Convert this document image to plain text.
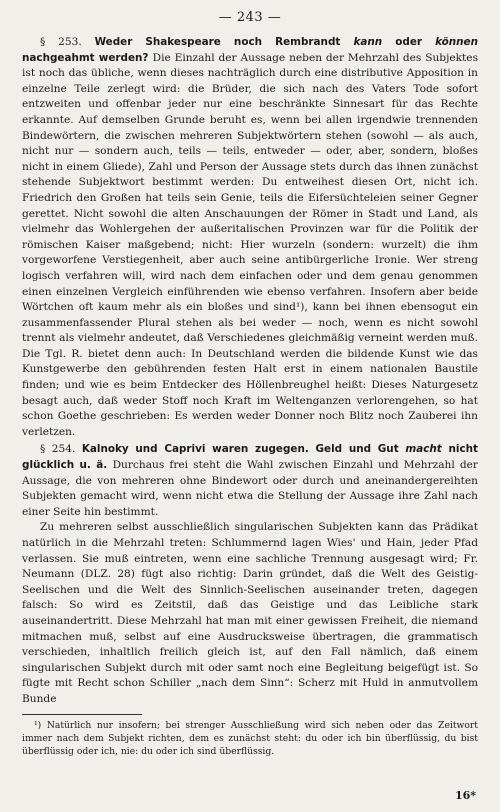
— 243 —

§ 253. Weder Shakespeare noch Rembrandt kann oder können nachgeahmt werden? Die Einzahl der Aussage neben der Mehrzahl des Subjektes ist noch das übliche, wenn dieses nachträglich durch eine distributive Apposition in einzelne Teile zerlegt wird: die Brüder, die sich nach des Vaters Tode sofort entzweiten und offenbar jeder nur eine beschränkte Sinnesart für das Rechte erkannte. Auf demselben Grunde beruht es, wenn bei allen irgendwie trennenden Bindewörtern, die zwischen mehreren Subjektwörtern stehen (sowohl — als auch, nicht nur — sondern auch, teils — teils, entweder — oder, aber, sondern, bloßes nicht in einem Gliede), Zahl und Person der Aussage stets durch das ihnen zunächst stehende Subjektwort bestimmt werden: Du entweihest diesen Ort, nicht ich. Friedrich den Großen hat teils sein Genie, teils die Eifersüchteleien seiner Gegner gerettet. Nicht sowohl die alten Anschauungen der Römer in Stadt und Land, als vielmehr das Wohlergehen der außeritalischen Provinzen war für die Politik der römischen Kaiser maßgebend; nicht: Hier wurzeln (sondern: wurzelt) die ihm vorgeworfene Verstiegenheit, aber auch seine antibürgerliche Ironie. Wer streng logisch verfahren will, wird nach dem einfachen oder und dem genau genommen einen einzelnen Vergleich einführenden wie ebenso verfahren. Insofern aber beide Wörtchen oft kaum mehr als ein bloßes und sind¹), kann bei ihnen ebensogut ein zusammenfassender Plural stehen als bei weder — noch, wenn es nicht sowohl trennt als vielmehr andeutet, daß Verschiedenes gleichmäßig verneint werden muß. Die Tgl. R. bietet denn auch: In Deutschland werden die bildende Kunst wie das Kunstgewerbe den gebührenden festen Halt erst in einem nationalen Baustile finden; und wie es beim Entdecker des Höllenbreughel heißt: Dieses Naturgesetz besagt auch, daß weder Stoff noch Kraft im Weltenganzen verlorengehen, so hat schon Goethe geschrieben: Es werden weder Donner noch Blitz noch Zauberei ihn verletzen.

§ 254. Kalnoky und Caprivi waren zugegen. Geld und Gut macht nicht glücklich u. ä. Durchaus frei steht die Wahl zwischen Einzahl und Mehrzahl der Aussage, die von mehreren ohne Bindewort oder durch und aneinandergereihten Subjekten gemacht wird, wenn nicht etwa die Stellung der Aussage ihre Zahl nach einer Seite hin bestimmt.

Zu mehreren selbst ausschließlich singularischen Subjekten kann das Prädikat natürlich in die Mehrzahl treten: Schlummernd lagen Wies' und Hain, jeder Pfad verlassen. Sie muß eintreten, wenn eine sachliche Trennung ausgesagt wird; Fr. Neumann (DLZ. 28) fügt also richtig: Darin gründet, daß die Welt des Geistig-Seelischen und die Welt des Sinnlich-Seelischen auseinander treten, dagegen falsch: So wird es Zeitstil, daß das Geistige und das Leibliche stark auseinandertritt. Diese Mehrzahl hat man mit einer gewissen Freiheit, die niemand mitmachen muß, selbst auf eine Ausdrucksweise übertragen, die grammatisch verschieden, inhaltlich freilich gleich ist, auf den Fall nämlich, daß einem singularischen Subjekt durch mit oder samt noch eine Begleitung beigefügt ist. So fügte mit Recht schon Schiller „nach dem Sinn“: Scherz mit Huld in anmutvollem Bunde

¹) Natürlich nur insofern; bei strenger Ausschließung wird sich neben oder das Zeitwort immer nach dem Subjekt richten, dem es zunächst steht: du oder ich bin überflüssig, du bist überflüssig oder ich, nie: du oder ich sind überflüssig.

16*
